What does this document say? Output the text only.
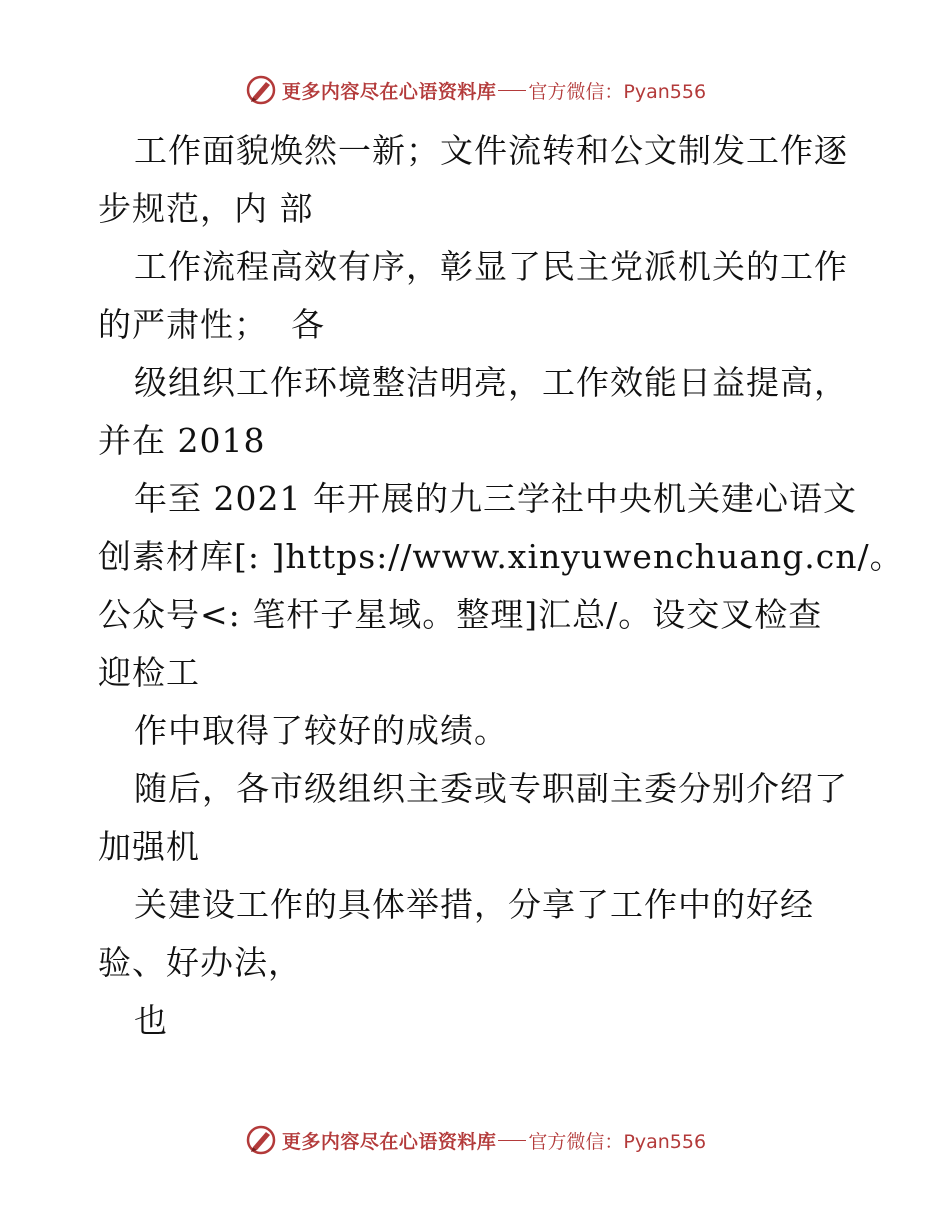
更多内容尽在心语资料库 官方微信：Pyan556
工作面貌焕然一新；文件流转和公文制发工作逐
步规范，内 部
工作流程高效有序，彰显了民主党派机关的工作
的严肃性；  各
级组织工作环境整洁明亮，工作效能日益提高，
并在 2018
年至 2021 年开展的九三学社中央机关建心语文
创素材库[: ]https://www.xinyuwenchuang.cn/。
公众号<: 笔杆子星域。整理]汇总/。设交叉检查
迎检工
作中取得了较好的成绩。
随后，各市级组织主委或专职副主委分别介绍了
加强机
关建设工作的具体举措，分享了工作中的好经
验、好办法，
也
更多内容尽在心语资料库 官方微信：Pyan556
